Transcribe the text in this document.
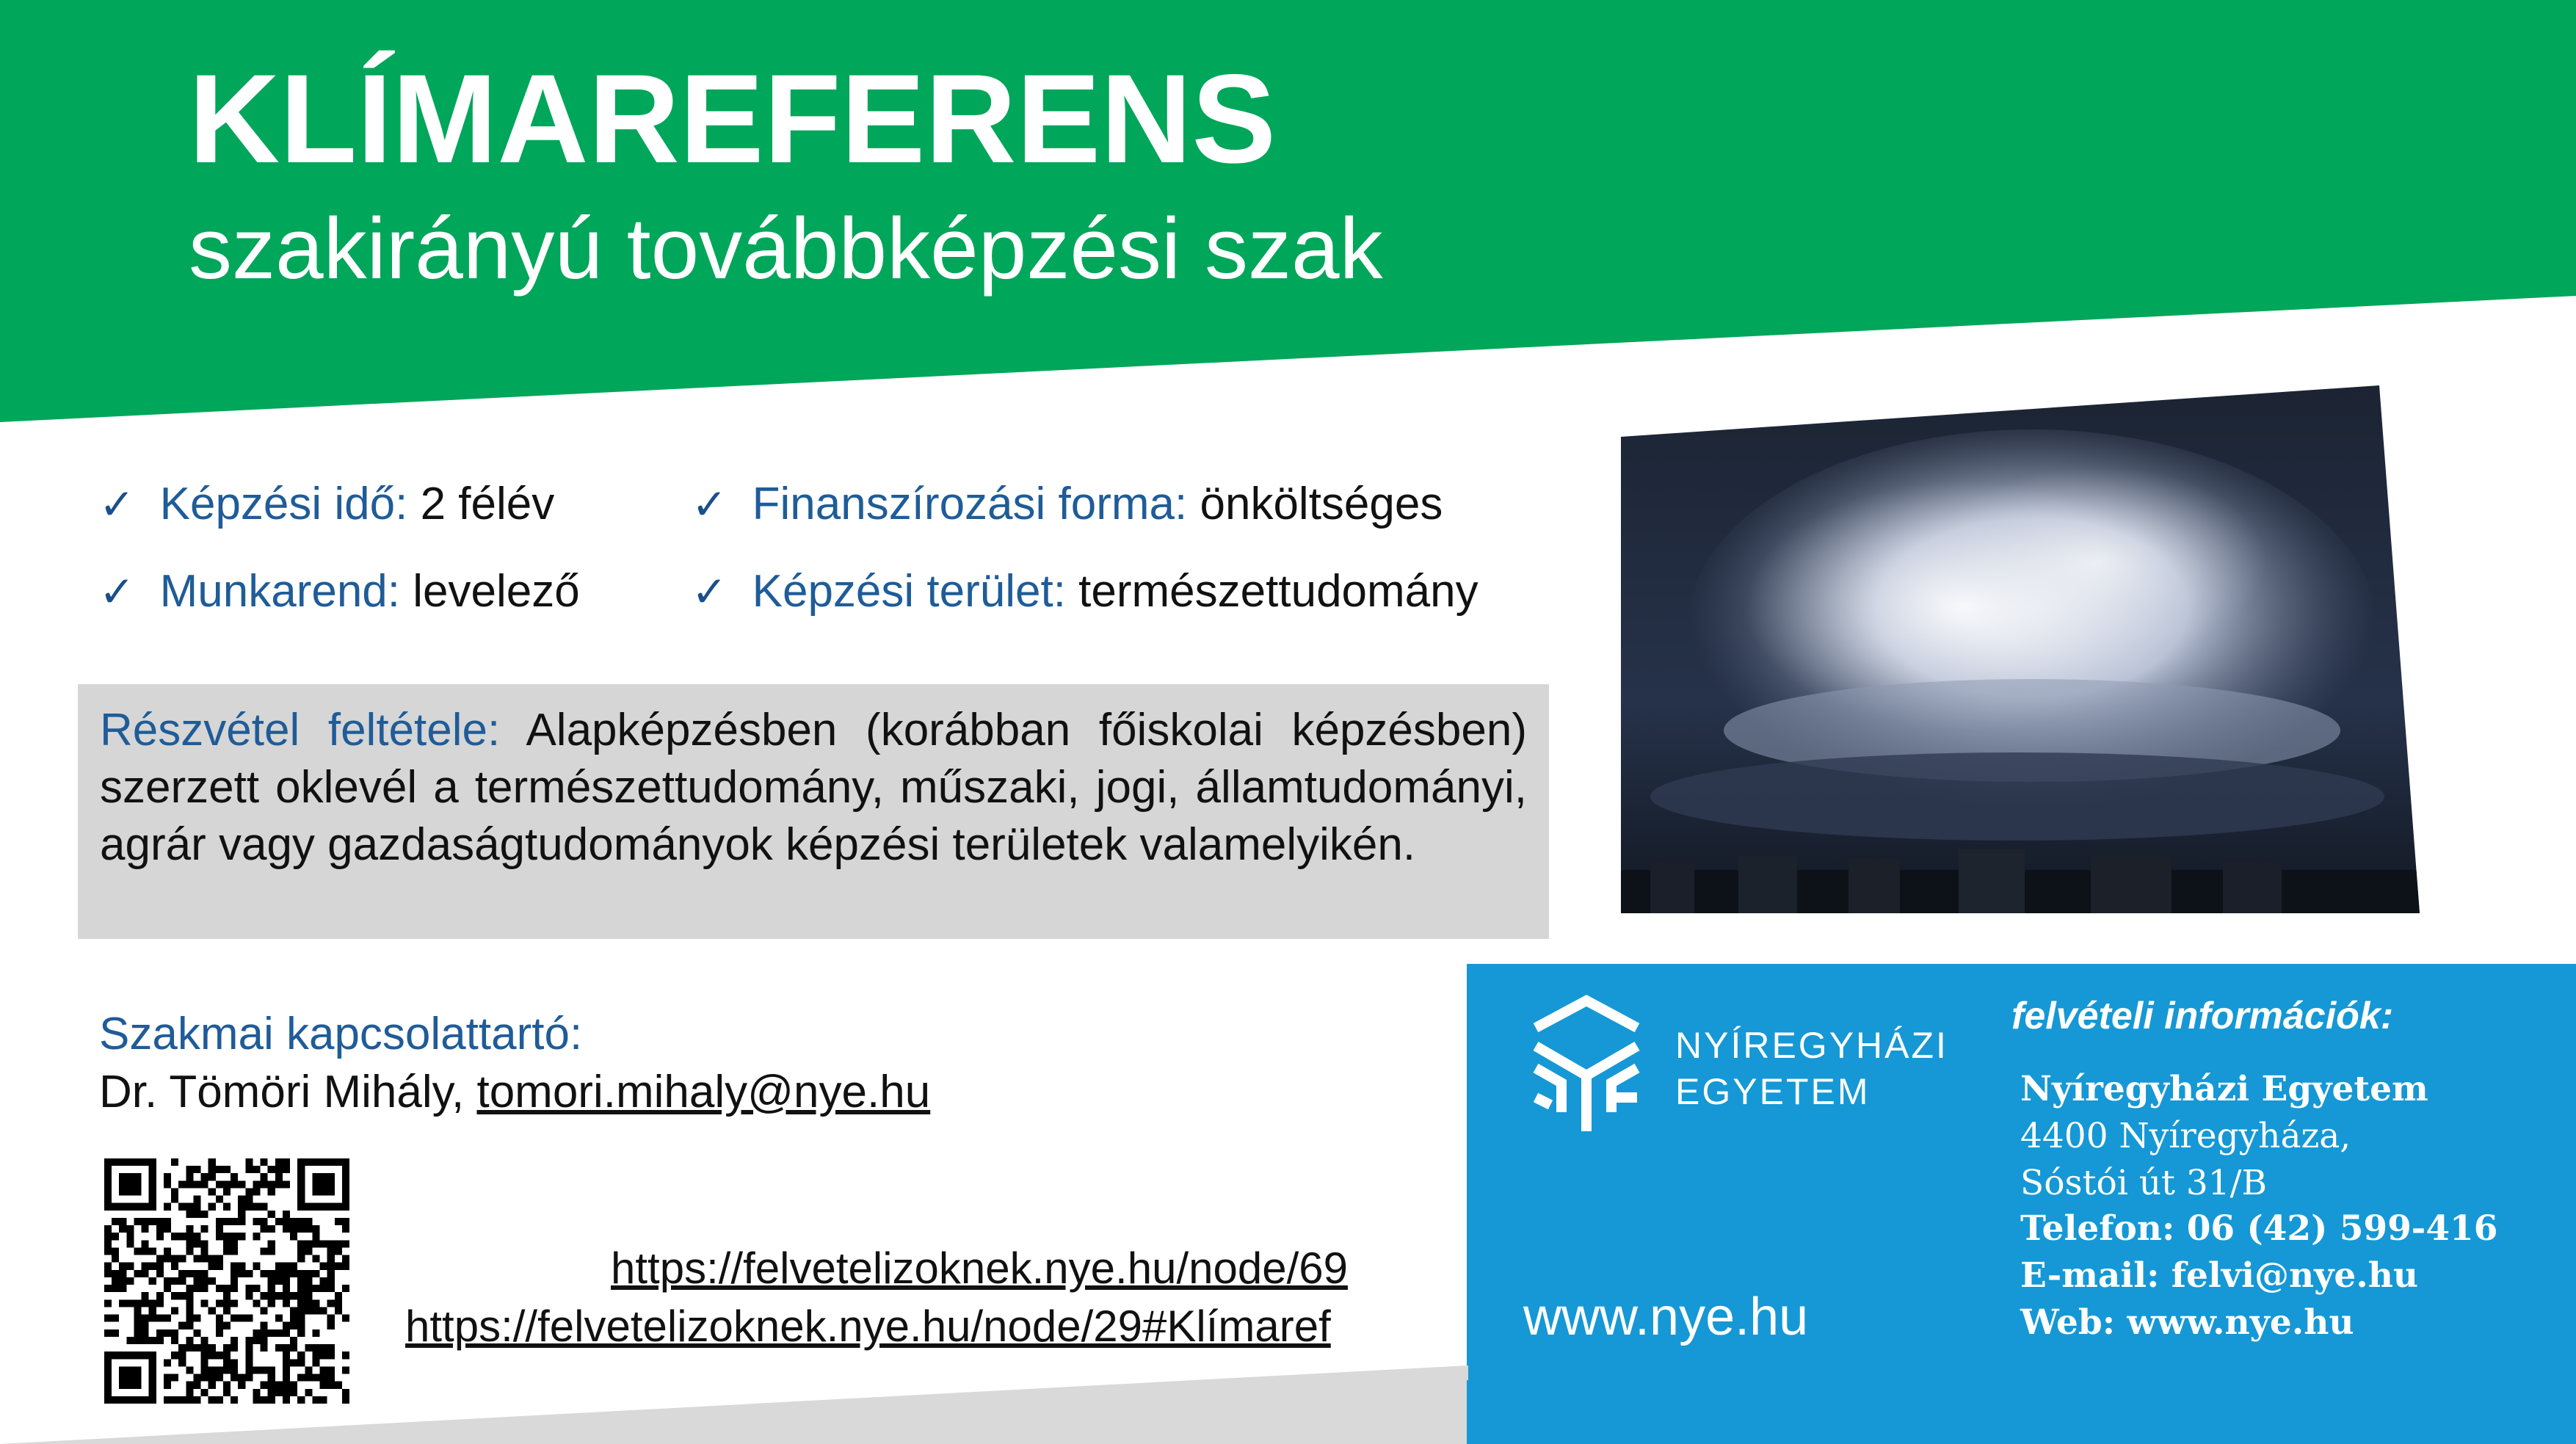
KLÍMAREFERENS
szakirányú továbbképzési szak
✓ Képzési idő: 2 félév	✓ Finanszírozási forma: önköltséges
✓ Munkarend: levelező	✓ Képzési terület: természettudomány
Részvétel feltétele: Alapképzésben (korábban főiskolai képzésben) szerzett oklevél a természettudomány, műszaki, jogi, államtudományi, agrár vagy gazdaságtudományok képzési területek valamelyikén.
Szakmai kapcsolattartó:
Dr. Tömöri Mihály, tomori.mihaly@nye.hu
https://felvetelizoknek.nye.hu/node/69
https://felvetelizoknek.nye.hu/node/29#Klímaref
NYÍREGYHÁZI
EGYETEM
www.nye.hu
felvételi információk:
Nyíregyházi Egyetem
4400 Nyíregyháza,
Sóstói út 31/B
Telefon: 06 (42) 599-416
E-mail: felvi@nye.hu
Web: www.nye.hu
